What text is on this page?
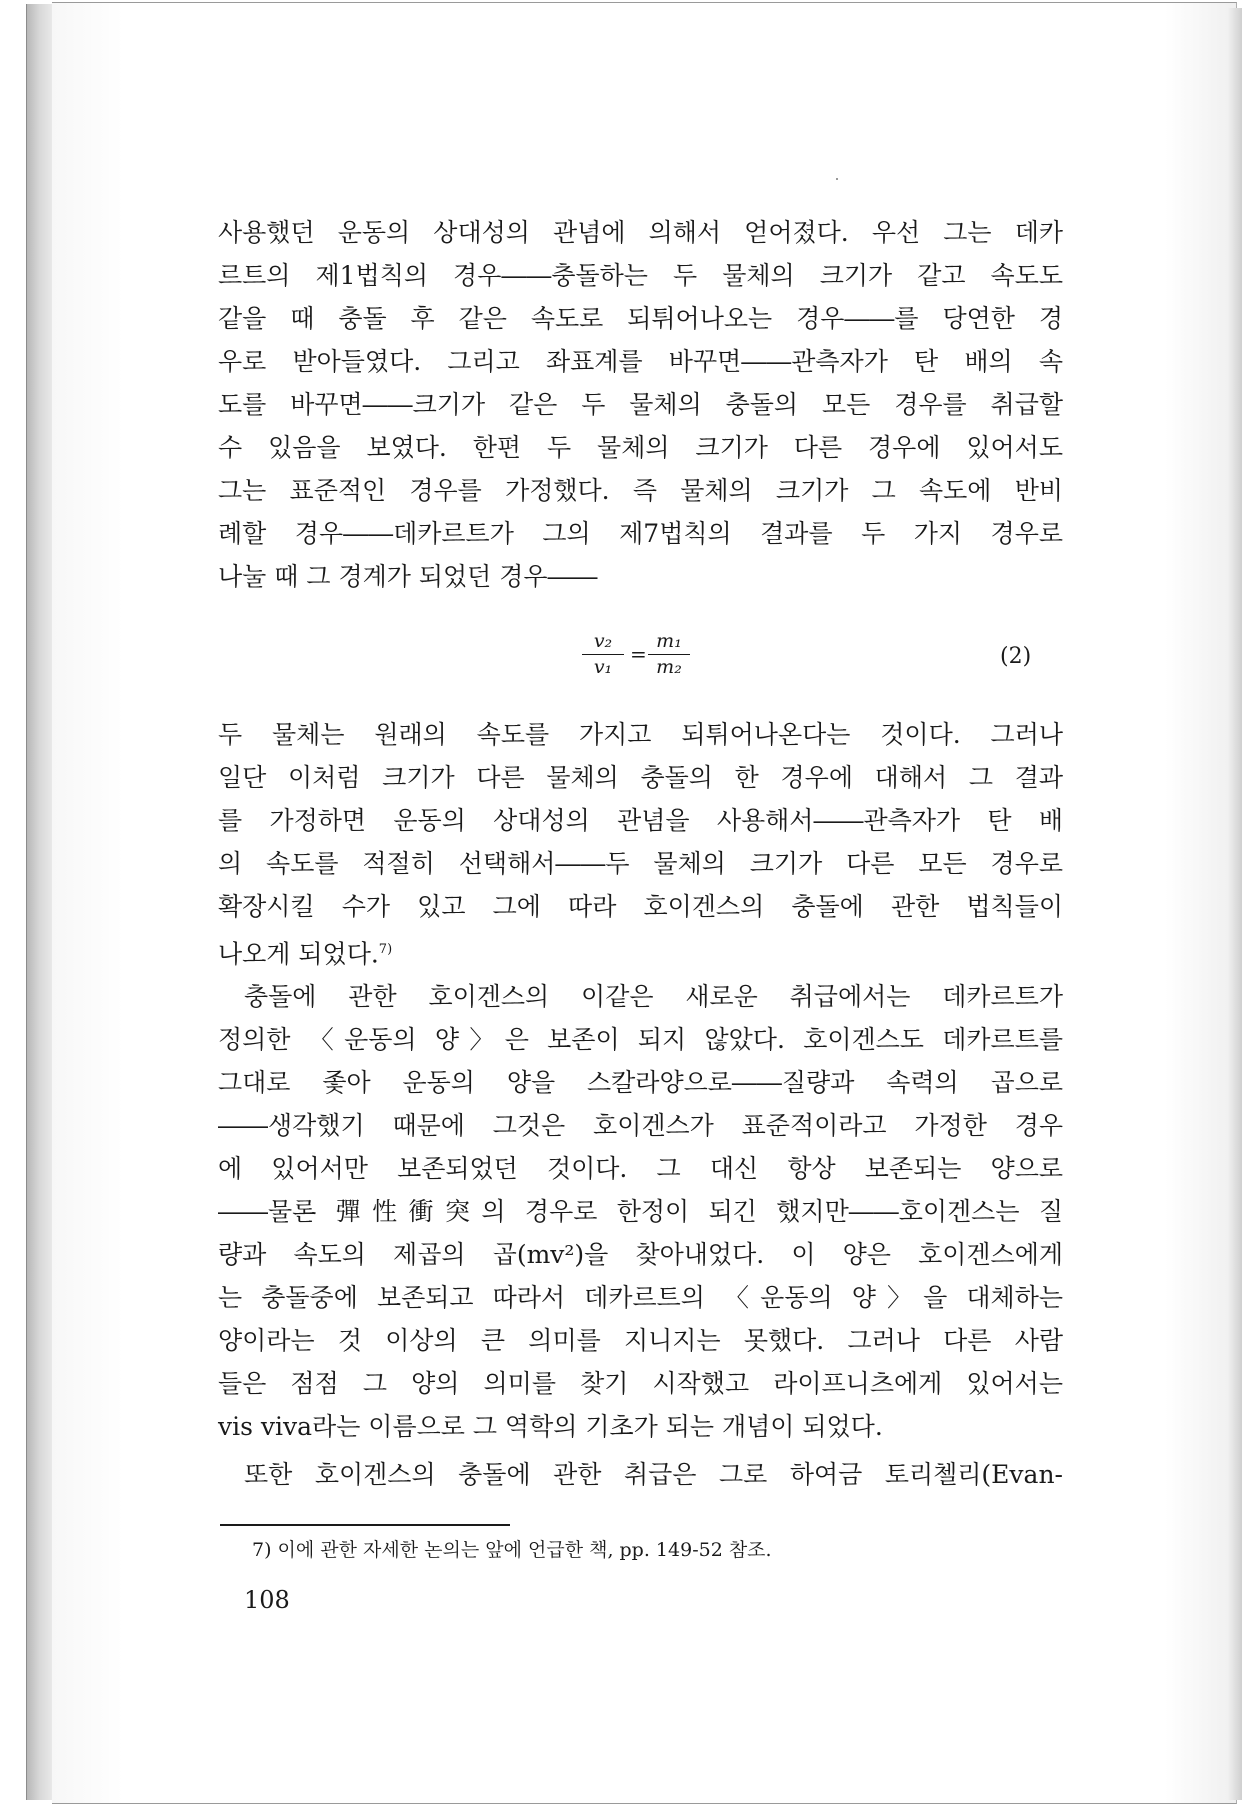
사용했던 운동의 상대성의 관념에 의해서 얻어졌다. 우선 그는 데카
르트의 제1법칙의 경우――충돌하는 두 물체의 크기가 같고 속도도
같을 때 충돌 후 같은 속도로 되튀어나오는 경우――를 당연한 경
우로 받아들였다. 그리고 좌표계를 바꾸면――관측자가 탄 배의 속
도를 바꾸면――크기가 같은 두 물체의 충돌의 모든 경우를 취급할
수 있음을 보였다. 한편 두 물체의 크기가 다른 경우에 있어서도
그는 표준적인 경우를 가정했다. 즉 물체의 크기가 그 속도에 반비
례할 경우――데카르트가 그의 제7법칙의 결과를 두 가지 경우로
나눌 때 그 경계가 되었던 경우――
v₂
v₁
=
m₁
m₂	(2)
두 물체는 원래의 속도를 가지고 되튀어나온다는 것이다. 그러나
일단 이처럼 크기가 다른 물체의 충돌의 한 경우에 대해서 그 결과
를 가정하면 운동의 상대성의 관념을 사용해서――관측자가 탄 배
의 속도를 적절히 선택해서――두 물체의 크기가 다른 모든 경우로
확장시킬 수가 있고 그에 따라 호이겐스의 충돌에 관한 법칙들이
나오게 되었다.$^{7)}$
충돌에 관한 호이겐스의 이같은 새로운 취급에서는 데카르트가
정의한 〈운동의 양〉은 보존이 되지 않았다. 호이겐스도 데카르트를
그대로 좇아 운동의 양을 스칼라양으로――질량과 속력의 곱으로
――생각했기 때문에 그것은 호이겐스가 표준적이라고 가정한 경우
에 있어서만 보존되었던 것이다. 그 대신 항상 보존되는 양으로
――물론 彈性衝突의 경우로 한정이 되긴 했지만――호이겐스는 질
량과 속도의 제곱의 곱(mv²)을 찾아내었다. 이 양은 호이겐스에게
는 충돌중에 보존되고 따라서 데카르트의 〈운동의 양〉을 대체하는
양이라는 것 이상의 큰 의미를 지니지는 못했다. 그러나 다른 사람
들은 점점 그 양의 의미를 찾기 시작했고 라이프니츠에게 있어서는
vis viva라는 이름으로 그 역학의 기초가 되는 개념이 되었다.
또한 호이겐스의 충돌에 관한 취급은 그로 하여금 토리첼리(Evan-
7) 이에 관한 자세한 논의는 앞에 언급한 책, pp. 149-52 참조.
108
